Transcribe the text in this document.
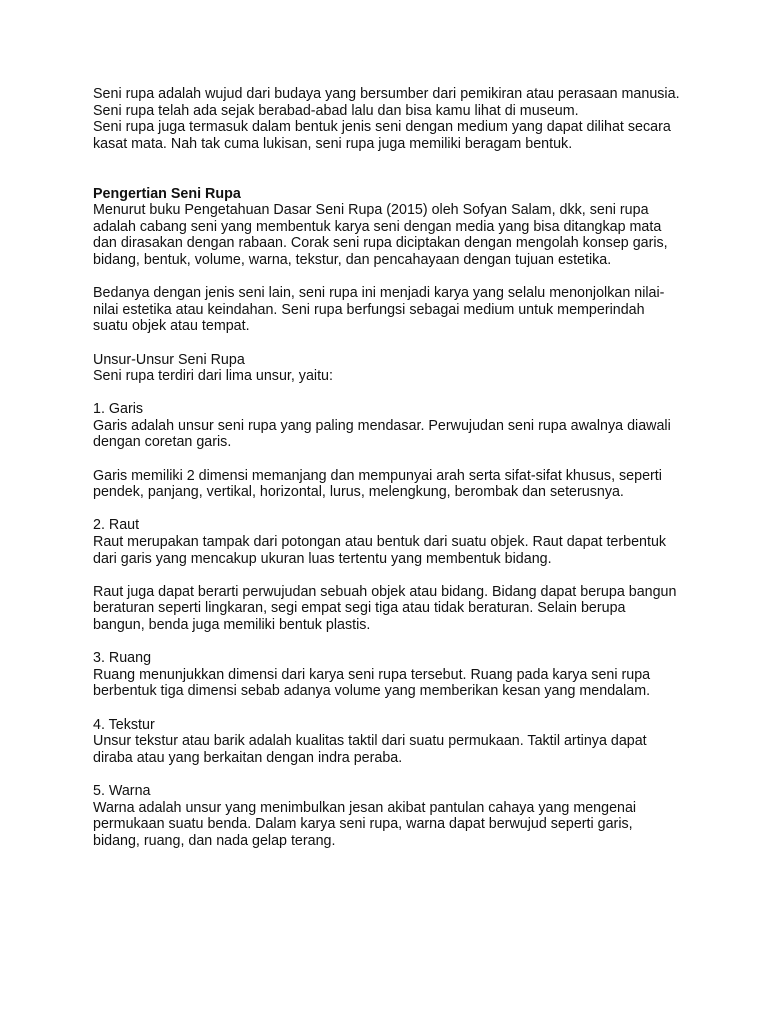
Seni rupa adalah wujud dari budaya yang bersumber dari pemikiran atau perasaan manusia.
Seni rupa telah ada sejak berabad-abad lalu dan bisa kamu lihat di museum.
Seni rupa juga termasuk dalam bentuk jenis seni dengan medium yang dapat dilihat secara
kasat mata. Nah tak cuma lukisan, seni rupa juga memiliki beragam bentuk.
Pengertian Seni Rupa
Menurut buku Pengetahuan Dasar Seni Rupa (2015) oleh Sofyan Salam, dkk, seni rupa
adalah cabang seni yang membentuk karya seni dengan media yang bisa ditangkap mata
dan dirasakan dengan rabaan. Corak seni rupa diciptakan dengan mengolah konsep garis,
bidang, bentuk, volume, warna, tekstur, dan pencahayaan dengan tujuan estetika.
Bedanya dengan jenis seni lain, seni rupa ini menjadi karya yang selalu menonjolkan nilai-
nilai estetika atau keindahan. Seni rupa berfungsi sebagai medium untuk memperindah
suatu objek atau tempat.
Unsur-Unsur Seni Rupa
Seni rupa terdiri dari lima unsur, yaitu:
1. Garis
Garis adalah unsur seni rupa yang paling mendasar. Perwujudan seni rupa awalnya diawali
dengan coretan garis.
Garis memiliki 2 dimensi memanjang dan mempunyai arah serta sifat-sifat khusus, seperti
pendek, panjang, vertikal, horizontal, lurus, melengkung, berombak dan seterusnya.
2. Raut
Raut merupakan tampak dari potongan atau bentuk dari suatu objek. Raut dapat terbentuk
dari garis yang mencakup ukuran luas tertentu yang membentuk bidang.
Raut juga dapat berarti perwujudan sebuah objek atau bidang. Bidang dapat berupa bangun
beraturan seperti lingkaran, segi empat segi tiga atau tidak beraturan. Selain berupa
bangun, benda juga memiliki bentuk plastis.
3. Ruang
Ruang menunjukkan dimensi dari karya seni rupa tersebut. Ruang pada karya seni rupa
berbentuk tiga dimensi sebab adanya volume yang memberikan kesan yang mendalam.
4. Tekstur
Unsur tekstur atau barik adalah kualitas taktil dari suatu permukaan. Taktil artinya dapat
diraba atau yang berkaitan dengan indra peraba.
5. Warna
Warna adalah unsur yang menimbulkan jesan akibat pantulan cahaya yang mengenai
permukaan suatu benda. Dalam karya seni rupa, warna dapat berwujud seperti garis,
bidang, ruang, dan nada gelap terang.
